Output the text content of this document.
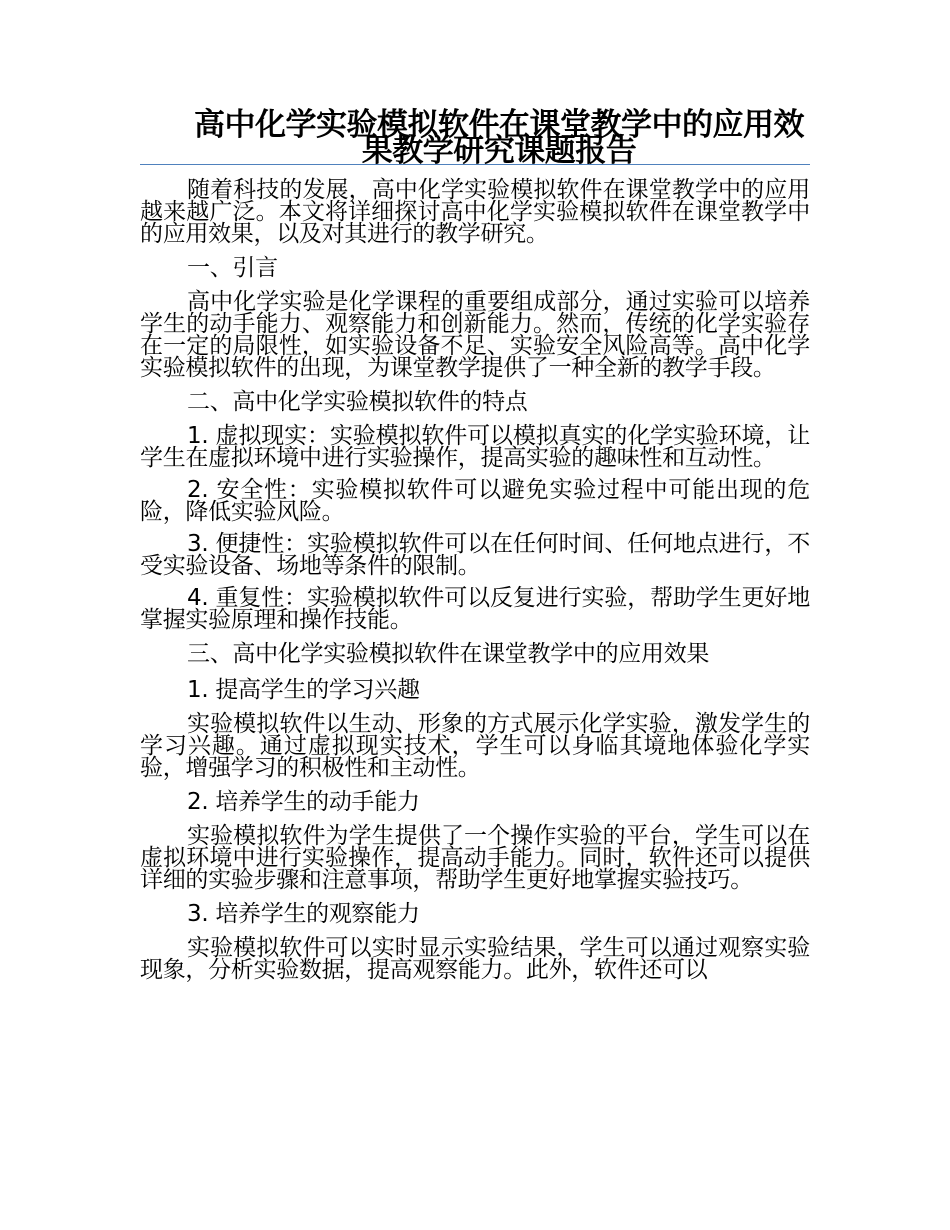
高中化学实验模拟软件在课堂教学中的应用效果教学研究课题报告

随着科技的发展，高中化学实验模拟软件在课堂教学中的应用越来越广泛。本文将详细探讨高中化学实验模拟软件在课堂教学中的应用效果，以及对其进行的教学研究。

一、引言

高中化学实验是化学课程的重要组成部分，通过实验可以培养学生的动手能力、观察能力和创新能力。然而，传统的化学实验存在一定的局限性，如实验设备不足、实验安全风险高等。高中化学实验模拟软件的出现，为课堂教学提供了一种全新的教学手段。

二、高中化学实验模拟软件的特点

1. 虚拟现实：实验模拟软件可以模拟真实的化学实验环境，让学生在虚拟环境中进行实验操作，提高实验的趣味性和互动性。

2. 安全性：实验模拟软件可以避免实验过程中可能出现的危险，降低实验风险。

3. 便捷性：实验模拟软件可以在任何时间、任何地点进行，不受实验设备、场地等条件的限制。

4. 重复性：实验模拟软件可以反复进行实验，帮助学生更好地掌握实验原理和操作技能。

三、高中化学实验模拟软件在课堂教学中的应用效果

1. 提高学生的学习兴趣

实验模拟软件以生动、形象的方式展示化学实验，激发学生的学习兴趣。通过虚拟现实技术，学生可以身临其境地体验化学实验，增强学习的积极性和主动性。

2. 培养学生的动手能力

实验模拟软件为学生提供了一个操作实验的平台，学生可以在虚拟环境中进行实验操作，提高动手能力。同时，软件还可以提供详细的实验步骤和注意事项，帮助学生更好地掌握实验技巧。

3. 培养学生的观察能力

实验模拟软件可以实时显示实验结果，学生可以通过观察实验现象，分析实验数据，提高观察能力。此外，软件还可以
